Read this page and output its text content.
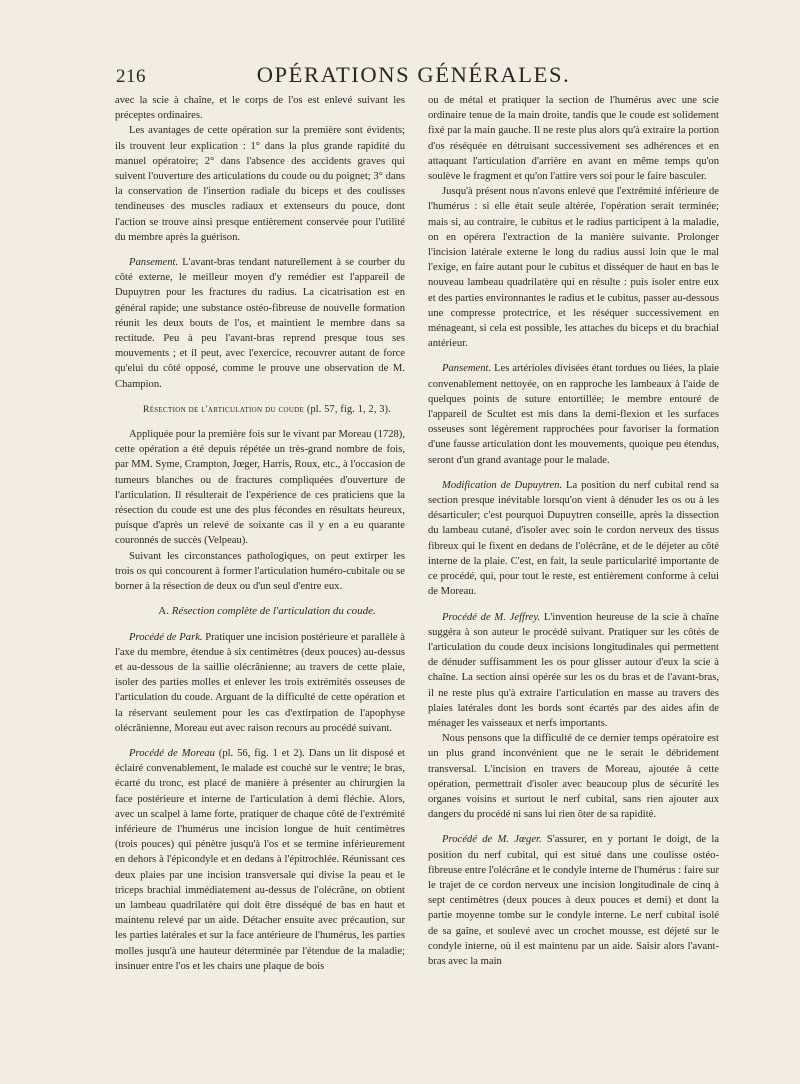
216	OPÉRATIONS GÉNÉRALES.

avec la scie à chaîne, et le corps de l'os est enlevé suivant les préceptes ordinaires.

Les avantages de cette opération sur la première sont évidents; ils trouvent leur explication : 1° dans la plus grande rapidité du manuel opératoire; 2° dans l'absence des accidents graves qui suivent l'ouverture des articulations du coude ou du poignet; 3° dans la conservation de l'insertion radiale du biceps et des coulisses tendineuses des muscles radiaux et extenseurs du pouce, dont l'action se trouve ainsi presque entièrement conservée pour l'utilité du membre après la guérison.

Pansement. L'avant-bras tendant naturellement à se courber du côté externe, le meilleur moyen d'y remédier est l'appareil de Dupuytren pour les fractures du radius. La cicatrisation est en général rapide; une substance ostéo-fibreuse de nouvelle formation réunit les deux bouts de l'os, et maintient le membre dans sa rectitude. Peu à peu l'avant-bras reprend presque tous ses mouvements ; et il peut, avec l'exercice, recouvrer autant de force qu'elui du côté opposé, comme le prouve une observation de M. Champion.

Résection de l'articulation du coude (pl. 57, fig. 1, 2, 3).

Appliquée pour la première fois sur le vivant par Moreau (1728), cette opération a été depuis répétée un très-grand nombre de fois, par MM. Syme, Crampton, Jœger, Harris, Roux, etc., à l'occasion de tumeurs blanches ou de fractures compliquées d'ouverture de l'articulation. Il résulterait de l'expérience de ces praticiens que la résection du coude est une des plus fécondes en résultats heureux, puisque d'après un relevé de soixante cas il y en a eu quarante couronnés de succès (Velpeau).

Suivant les circonstances pathologiques, on peut extirper les trois os qui concourent à former l'articulation huméro-cubitale ou se borner à la résection de deux ou d'un seul d'entre eux.

A. Résection complète de l'articulation du coude.

Procédé de Park. Pratiquer une incision postérieure et parallèle à l'axe du membre, étendue à six centimètres (deux pouces) au-dessus et au-dessous de la saillie olécrânienne; au travers de cette plaie, isoler des parties molles et enlever les trois extrémités osseuses de l'articulation du coude. Arguant de la difficulté de cette opération et la réservant seulement pour les cas d'extirpation de l'apophyse olécrânienne, Moreau eut avec raison recours au procédé suivant.

Procédé de Moreau (pl. 56, fig. 1 et 2). Dans un lit disposé et éclairé convenablement, le malade est couché sur le ventre; le bras, écarté du tronc, est placé de manière à présenter au chirurgien la face postérieure et interne de l'articulation à demi fléchie. Alors, avec un scalpel à lame forte, pratiquer de chaque côté de l'extrémité inférieure de l'humérus une incision longue de huit centimètres (trois pouces) qui pénètre jusqu'à l'os et se termine inférieurement en dehors à l'épicondyle et en dedans à l'épitrochlée. Réunissant ces deux plaies par une incision transversale qui divise la peau et le triceps brachial immédiatement au-dessus de l'olécrâne, on obtient un lambeau quadrilatère qui doit être disséqué de bas en haut et maintenu relevé par un aide. Détacher ensuite avec précaution, sur les parties latérales et sur la face antérieure de l'humérus, les parties molles jusqu'à une hauteur déterminée par l'étendue de la maladie; insinuer entre l'os et les chairs une plaque de bois

ou de métal et pratiquer la section de l'humérus avec une scie ordinaire tenue de la main droite, tandis que le coude est solidement fixé par la main gauche. Il ne reste plus alors qu'à extraire la portion d'os réséquée en détruisant successivement ses adhérences et en attaquant l'articulation d'arrière en avant en même temps qu'on soulève le fragment et qu'on l'attire vers soi pour le faire basculer.

Jusqu'à présent nous n'avons enlevé que l'extrémité inférieure de l'humérus : si elle était seule altérée, l'opération serait terminée; mais si, au contraire, le cubitus et le radius participent à la maladie, on en opérera l'extraction de la manière suivante. Prolonger l'incision latérale externe le long du radius aussi loin que le mal l'exige, en faire autant pour le cubitus et disséquer de haut en bas le nouveau lambeau quadrilatère qui en résulte : puis isoler entre eux et des parties environnantes le radius et le cubitus, passer au-dessous une compresse protectrice, et les réséquer successivement en ménageant, si cela est possible, les attaches du biceps et du brachial antérieur.

Pansement. Les artérioles divisées étant tordues ou liées, la plaie convenablement nettoyée, on en rapproche les lambeaux à l'aide de quelques points de suture entortillée; le membre entouré de l'appareil de Scultet est mis dans la demi-flexion et les surfaces osseuses sont légèrement rapprochées pour favoriser la formation d'une fausse articulation dont les mouvements, quoique peu étendus, seront d'un grand avantage pour le malade.

Modification de Dupuytren. La position du nerf cubital rend sa section presque inévitable lorsqu'on vient à dénuder les os ou à les désarticuler; c'est pourquoi Dupuytren conseille, après la dissection du lambeau cutané, d'isoler avec soin le cordon nerveux des tissus fibreux qui le fixent en dedans de l'olécrâne, et de le déjeter au côté interne de la plaie. C'est, en fait, la seule particularité importante de ce procédé, qui, pour tout le reste, est entièrement conforme à celui de Moreau.

Procédé de M. Jeffrey. L'invention heureuse de la scie à chaîne suggéra à son auteur le procédé suivant. Pratiquer sur les côtés de l'articulation du coude deux incisions longitudinales qui permettent de dénuder suffisamment les os pour glisser autour d'eux la scie à chaîne. La section ainsi opérée sur les os du bras et de l'avant-bras, il ne reste plus qu'à extraire l'articulation en masse au travers des plaies latérales dont les bords sont écartés par des aides afin de ménager les vaisseaux et nerfs importants.

Nous pensons que la difficulté de ce dernier temps opératoire est un plus grand inconvénient que ne le serait le débridement transversal. L'incision en travers de Moreau, ajoutée à cette opération, permettrait d'isoler avec beaucoup plus de sécurité les organes voisins et surtout le nerf cubital, sans rien ajouter aux dangers du procédé ni sans lui rien ôter de sa rapidité.

Procédé de M. Jœger. S'assurer, en y portant le doigt, de la position du nerf cubital, qui est situé dans une coulisse ostéo-fibreuse entre l'olécrâne et le condyle interne de l'humérus : faire sur le trajet de ce cordon nerveux une incision longitudinale de cinq à sept centimètres (deux pouces à deux pouces et demi) et dont la partie moyenne tombe sur le condyle interne. Le nerf cubital isolé de sa gaîne, et soulevé avec un crochet mousse, est déjeté sur le condyle interne, où il est maintenu par un aide. Saisir alors l'avant-bras avec la main
